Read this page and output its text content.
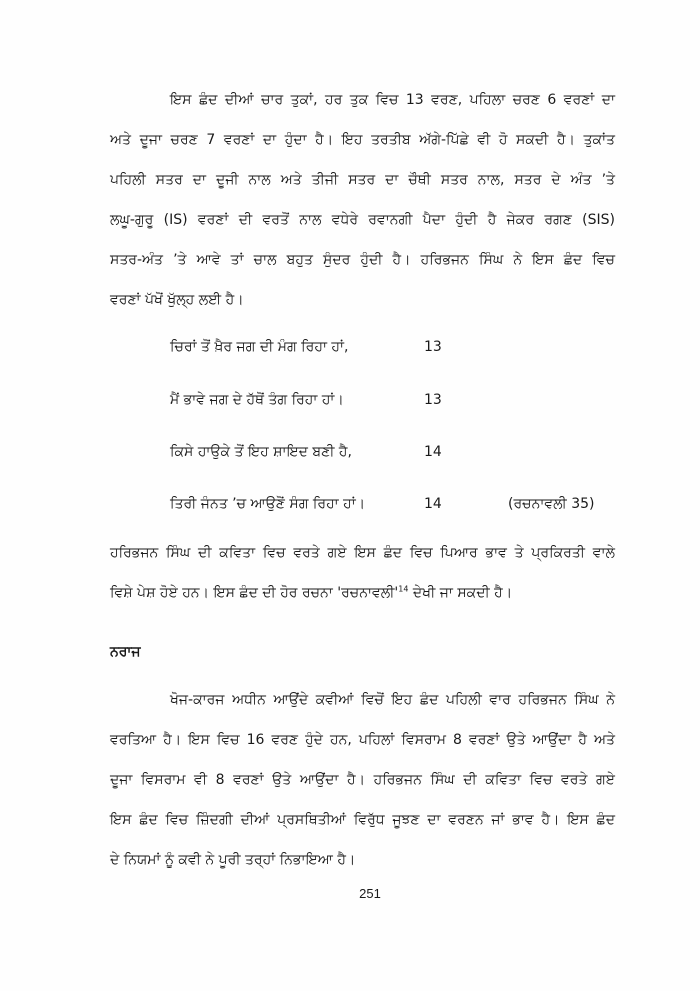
ਇਸ ਛੰਦ ਦੀਆਂ ਚਾਰ ਤੁਕਾਂ, ਹਰ ਤੁਕ ਵਿਚ 13 ਵਰਣ, ਪਹਿਲਾ ਚਰਣ 6 ਵਰਣਾਂ ਦਾ
ਅਤੇ ਦੂਜਾ ਚਰਣ 7 ਵਰਣਾਂ ਦਾ ਹੁੰਦਾ ਹੈ। ਇਹ ਤਰਤੀਬ ਅੱਗੇ-ਪਿੱਛੇ ਵੀ ਹੋ ਸਕਦੀ ਹੈ। ਤੁਕਾਂਤ
ਪਹਿਲੀ ਸਤਰ ਦਾ ਦੂਜੀ ਨਾਲ ਅਤੇ ਤੀਜੀ ਸਤਰ ਦਾ ਚੌਥੀ ਸਤਰ ਨਾਲ, ਸਤਰ ਦੇ ਅੰਤ ’ਤੇ
ਲਘੂ-ਗੁਰੂ (IS) ਵਰਣਾਂ ਦੀ ਵਰਤੋਂ ਨਾਲ ਵਧੇਰੇ ਰਵਾਨਗੀ ਪੈਦਾ ਹੁੰਦੀ ਹੈ ਜੇਕਰ ਰਗਣ (SIS)
ਸਤਰ-ਅੰਤ ’ਤੇ ਆਵੇ ਤਾਂ ਚਾਲ ਬਹੁਤ ਸੁੰਦਰ ਹੁੰਦੀ ਹੈ। ਹਰਿਭਜਨ ਸਿੰਘ ਨੇ ਇਸ ਛੰਦ ਵਿਚ
ਵਰਣਾਂ ਪੱਖੋਂ ਖੁੱਲ੍ਹ ਲਈ ਹੈ।
ਚਿਰਾਂ ਤੋਂ ਖ਼ੈਰ ਜਗ ਦੀ ਮੰਗ ਰਿਹਾ ਹਾਂ,	13
ਮੈਂ ਭਾਵੇ ਜਗ ਦੇ ਹੱਥੋਂ ਤੰਗ ਰਿਹਾ ਹਾਂ।	13
ਕਿਸੇ ਹਾਉਕੇ ਤੋਂ ਇਹ ਸ਼ਾਇਦ ਬਣੀ ਹੈ,	14
ਤਿਰੀ ਜੰਨਤ ’ਚ ਆਉਣੋਂ ਸੰਗ ਰਿਹਾ ਹਾਂ।	14	(ਰਚਨਾਵਲੀ 35)
ਹਰਿਭਜਨ ਸਿੰਘ ਦੀ ਕਵਿਤਾ ਵਿਚ ਵਰਤੇ ਗਏ ਇਸ ਛੰਦ ਵਿਚ ਪਿਆਰ ਭਾਵ ਤੇ ਪ੍ਰਕਿਰਤੀ ਵਾਲੇ
ਵਿਸ਼ੇ ਪੇਸ਼ ਹੋਏ ਹਨ। ਇਸ ਛੰਦ ਦੀ ਹੋਰ ਰਚਨਾ '$ਰਚਨਾਵਲੀ'^{14}$ ਦੇਖੀ ਜਾ ਸਕਦੀ ਹੈ।
ਨਰਾਜ
ਖੋਜ-ਕਾਰਜ ਅਧੀਨ ਆਉਂਦੇ ਕਵੀਆਂ ਵਿਚੋਂ ਇਹ ਛੰਦ ਪਹਿਲੀ ਵਾਰ ਹਰਿਭਜਨ ਸਿੰਘ ਨੇ
ਵਰਤਿਆ ਹੈ। ਇਸ ਵਿਚ 16 ਵਰਣ ਹੁੰਦੇ ਹਨ, ਪਹਿਲਾਂ ਵਿਸਰਾਮ 8 ਵਰਣਾਂ ਉਤੇ ਆਉਂਦਾ ਹੈ ਅਤੇ
ਦੂਜਾ ਵਿਸਰਾਮ ਵੀ 8 ਵਰਣਾਂ ਉਤੇ ਆਉਂਦਾ ਹੈ। ਹਰਿਭਜਨ ਸਿੰਘ ਦੀ ਕਵਿਤਾ ਵਿਚ ਵਰਤੇ ਗਏ
ਇਸ ਛੰਦ ਵਿਚ ਜ਼ਿੰਦਗੀ ਦੀਆਂ ਪ੍ਰਸਥਿਤੀਆਂ ਵਿਰੁੱਧ ਜੂਝਣ ਦਾ ਵਰਣਨ ਜਾਂ ਭਾਵ ਹੈ। ਇਸ ਛੰਦ
ਦੇ ਨਿਯਮਾਂ ਨੂੰ ਕਵੀ ਨੇ ਪੂਰੀ ਤਰ੍ਹਾਂ ਨਿਭਾਇਆ ਹੈ।
251
